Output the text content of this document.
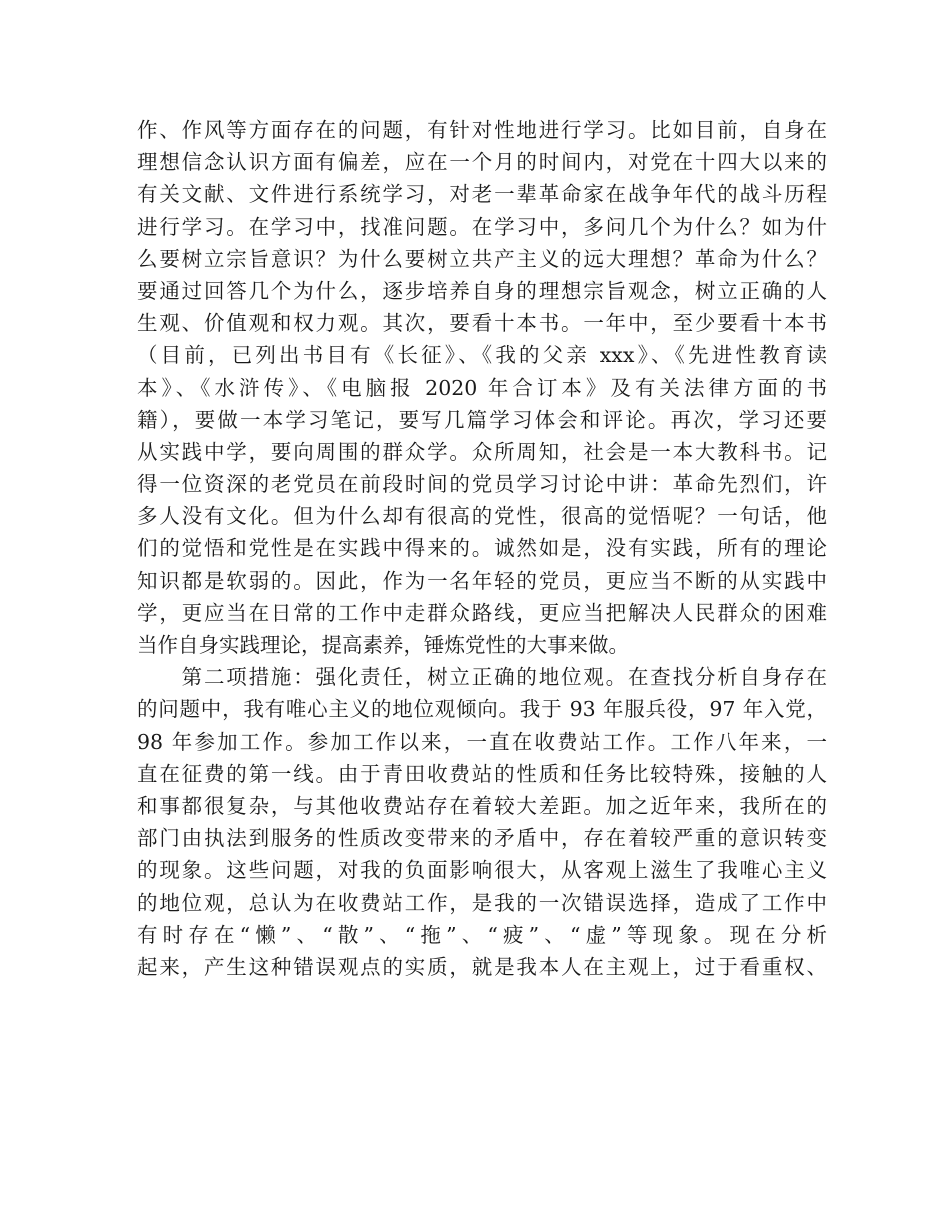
作、作风等方面存在的问题，有针对性地进行学习。比如目前，自身在
理想信念认识方面有偏差，应在一个月的时间内，对党在十四大以来的
有关文献、文件进行系统学习，对老一辈革命家在战争年代的战斗历程
进行学习。在学习中，找准问题。在学习中，多问几个为什么？如为什
么要树立宗旨意识？为什么要树立共产主义的远大理想？革命为什么？
要通过回答几个为什么，逐步培养自身的理想宗旨观念，树立正确的人
生观、价值观和权力观。其次，要看十本书。一年中，至少要看十本书
（目前，已列出书目有《长征》、《我的父亲 xxx》、《先进性教育读
本》、《水浒传》、《电脑报 2020 年合订本》及有关法律方面的书
籍），要做一本学习笔记，要写几篇学习体会和评论。再次，学习还要
从实践中学，要向周围的群众学。众所周知，社会是一本大教科书。记
得一位资深的老党员在前段时间的党员学习讨论中讲：革命先烈们，许
多人没有文化。但为什么却有很高的党性，很高的觉悟呢？一句话，他
们的觉悟和党性是在实践中得来的。诚然如是，没有实践，所有的理论
知识都是软弱的。因此，作为一名年轻的党员，更应当不断的从实践中
学，更应当在日常的工作中走群众路线，更应当把解决人民群众的困难
当作自身实践理论，提高素养，锤炼党性的大事来做。
　　第二项措施：强化责任，树立正确的地位观。在查找分析自身存在
的问题中，我有唯心主义的地位观倾向。我于 93 年服兵役，97 年入党，
98 年参加工作。参加工作以来，一直在收费站工作。工作八年来，一
直在征费的第一线。由于青田收费站的性质和任务比较特殊，接触的人
和事都很复杂，与其他收费站存在着较大差距。加之近年来，我所在的
部门由执法到服务的性质改变带来的矛盾中，存在着较严重的意识转变
的现象。这些问题，对我的负面影响很大，从客观上滋生了我唯心主义
的地位观，总认为在收费站工作，是我的一次错误选择，造成了工作中
有时存在“懒”、“散”、“拖”、“疲”、“虚”等现象。现在分析
起来，产生这种错误观点的实质，就是我本人在主观上，过于看重权、
